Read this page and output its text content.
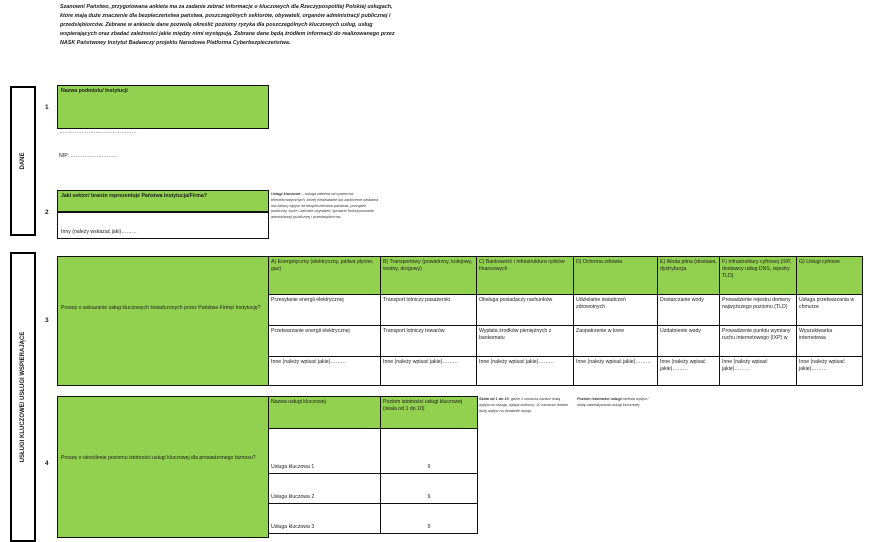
Szanowni Państwo, przygotowana ankieta ma za zadanie zebrać informacje o kluczowych dla Rzeczypospolitej Polskiej usługach, które mają duże znaczenie dla bezpieczeństwa państwa, poszczególnych sektorów, obywateli, organów administracji publicznej i przedsiębiorców. Zebrane w ankiecie dane pozwolą określić poziomy ryzyka dla poszczególnych kluczowych usług, usług wspierających oraz zbadać zależności jakie między nimi występują. Zebrane dane będą źródłem informacji do realizowanego przez NASK Państwowy Instytut Badawczy projektu Narodowa Platforma Cyberbezpieczeństwa.
DANE
USŁUGI KLUCZOWE/ USŁUGI WSPIERAJĄCE
1
Nazwa podmiotu/ Instytucji
………………………………………
NIP: ………………………
2
Jaki sektor/ branże reprezentuje Państwa Instytucja/Firma?
Inny (należy wskazać jaki)………
Usługi kluczowe – usługa zależna od systemów teleinformatycznych, której niedziałanie lub zakłócenie działania ma istotny wpływ na bezpieczeństwo państwa, porządek publiczny, życie i zdrowie obywateli, sprawne funkcjonowanie administracji publicznej i przedsiębiorców.
3
Proszę o wskazanie usług kluczowych świadczonych przez Państwa Firmę/ Instytucję?
A) Energetyczny (elektryczny, paliwa płynne, gaz)	B) Transportowy (powietrzny, kolejowy, wodny, drogowy)	C) Bankowość i infrastruktura rynków finansowych	D) Ochrona zdrowia	E) Woda pitna (dostawa, dystrybucja	F) Infrastruktury cyfrowej (IXP, dostawcy usług DNS, rejestry TLD)	G) Usługi cyfrowe
Przesyłanie energii elektrycznej	Transport lotniczy pasażerski	Obsługa posiadaczy rachunków	Udzielanie świadczeń zdrowotnych	Dostarczanie wody	Prowadzenie rejestru domeny najwyższego poziomu (TLD)	Usługa przetwarzania w chmurze
Przetwarzanie energii elektrycznej	Transport lotniczy towarów	Wypłata środków pieniężnych z bankomatu	Zaopatrzenie w krew	Uzdatnienie wody	Prowadzenie punktu wymiany ruchu internetowego (IXP) w	Wyszukiwarka internetowa
Inne (należy wpisać jakie)………	Inne (należy wpisać jakie)………	Inne (należy wpisać jakie)………	Inne (należy wpisać jakie)………	Inne (należy wpisać jakie)………	Inne (należy wpisać jakie)………	Inne (należy wpisać jakie)………
4
Proszę o określenie poziomu istotności usługi kluczowej dla prowadzonego biznesu?
Nazwa usługi kluczowej	Poziom istotności usługi kluczowej (skala od 1 do 10)
Usługa kluczowa 1	9
Usługa kluczowa 2	9
Usługa kluczowa 3	9
Skala od 1 do 10, gdzie 1 oznacza bardzo małą wpływ na usługę, wpływ znikomy, 10 oznacza bardzo duży wpływ na działanie usługi.
Poziom istotności usługi określa wpływ i skalę oddziaływania usługi kluczowej.
